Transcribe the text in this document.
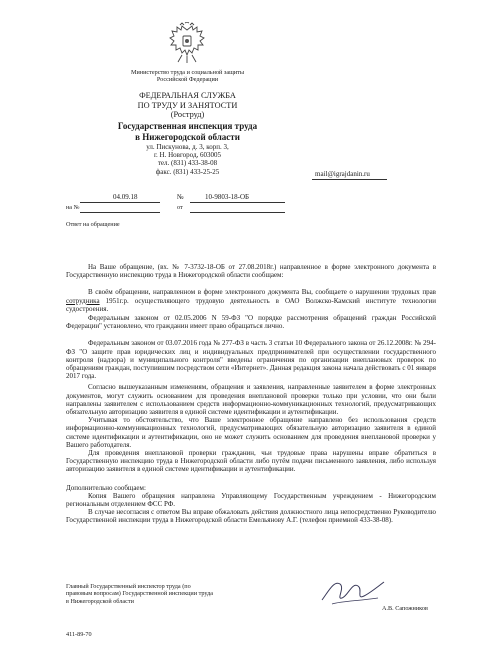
Министерство труда и социальной защиты
Российской Федерации
ФЕДЕРАЛЬНАЯ СЛУЖБА
ПО ТРУДУ И ЗАНЯТОСТИ
(Роструд)
Государственная инспекция труда
в Нижегородской области
ул. Пискунова, д. 3, корп. 3,
г. Н. Новгород, 603005
тел. (831) 433-38-08
факс. (831) 433-25-25	mail@igrajdanin.ru
04.09.18	№	10-9803-18-ОБ
на №	от
Ответ на обращение
На Ваше обращение, (вх. № 7-3732-18-ОБ от 27.08.2018г.) направленное в форме электронного документа в Государственную инспекцию труда в Нижегородской области сообщаем:
В своём обращении, направленном в форме электронного документа Вы, сообщаете о нарушении трудовых прав сотрудника 1951г.р. осуществляющего трудовую деятельность в ОАО Волжско-Камский институте технологии судостроения.
Федеральным законом от 02.05.2006 N 59-ФЗ "О порядке рассмотрения обращений граждан Российской Федерации" установлено, что гражданин имеет право обращаться лично.
Федеральным законом от 03.07.2016 года № 277-ФЗ в часть 3 статьи 10 Федерального закона от 26.12.2008г. № 294-ФЗ "О защите прав юридических лиц и индивидуальных предпринимателей при осуществлении государственного контроля (надзора) и муниципального контроля" введены ограничения по организации внеплановых проверок по обращениям граждан, поступившим посредством сети «Интернет». Данная редакция закона начала действовать с 01 января 2017 года.
Согласно вышеуказанным изменениям, обращения и заявления, направленные заявителем в форме электронных документов, могут служить основанием для проведения внеплановой проверки только при условии, что они были направлены заявителем с использованием средств информационно-коммуникационных технологий, предусматривающих обязательную авторизацию заявителя в единой системе идентификации и аутентификации.
Учитывая то обстоятельство, что Ваше электронное обращение направлено без использования средств информационно-коммуникационных технологий, предусматривающих обязательную авторизацию заявителя в единой системе идентификации и аутентификации, оно не может служить основанием для проведения внеплановой проверки у Вашего работодателя.
Для проведения внеплановой проверки гражданин, чьи трудовые права нарушены вправе обратиться в Государственную инспекцию труда в Нижегородской области либо путём подачи письменного заявления, либо используя авторизацию заявителя в единой системе идентификации и аутентификации.
Дополнительно сообщаем:
Копия Вашего обращения направлена Управляющему Государственным учреждением - Нижегородским региональным отделением ФСС РФ.
В случае несогласия с ответом Вы вправе обжаловать действия должностного лица непосредственно Руководителю Государственной инспекции труда в Нижегородской области Емельянову А.Г. (телефон приемной 433-38-08).
Главный Государственный инспектор труда (по
правовым вопросам) Государственной инспекции труда
в Нижегородской области
А.В. Сапожников
411-89-70
